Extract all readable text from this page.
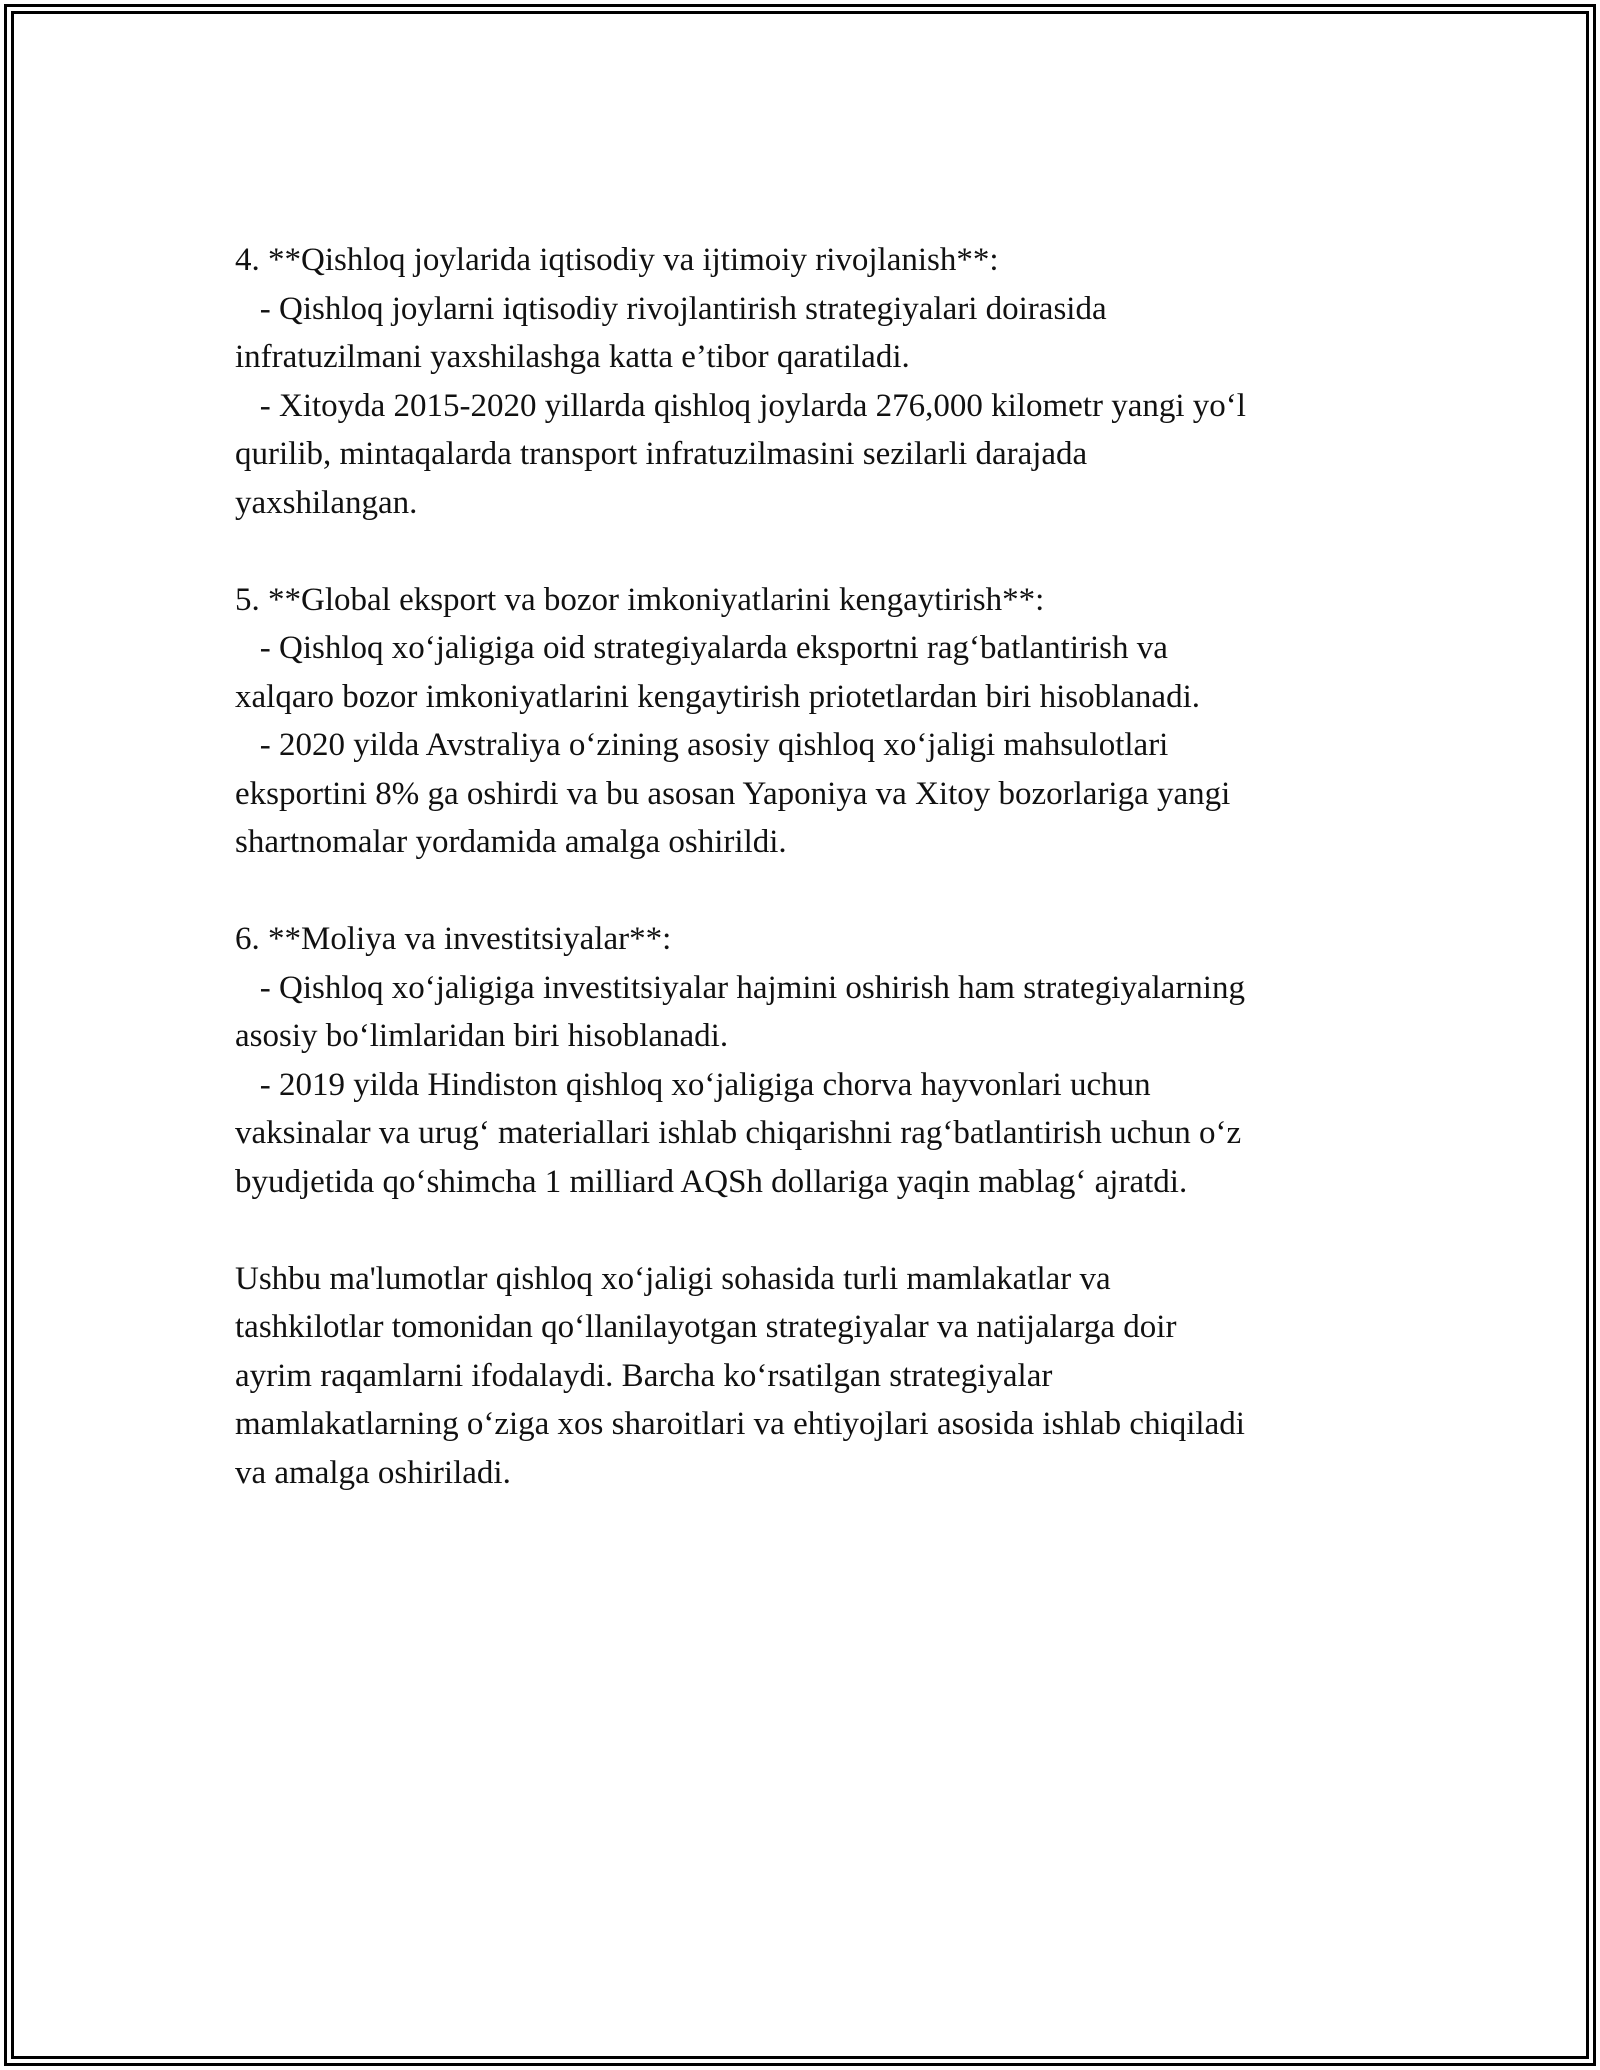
4. **Qishloq joylarida iqtisodiy va ijtimoiy rivojlanish**:
- Qishloq joylarni iqtisodiy rivojlantirish strategiyalari doirasida
infratuzilmani yaxshilashga katta e’tibor qaratiladi.
- Xitoyda 2015-2020 yillarda qishloq joylarda 276,000 kilometr yangi yo‘l
qurilib, mintaqalarda transport infratuzilmasini sezilarli darajada
yaxshilangan.
5. **Global eksport va bozor imkoniyatlarini kengaytirish**:
- Qishloq xo‘jaligiga oid strategiyalarda eksportni rag‘batlantirish va
xalqaro bozor imkoniyatlarini kengaytirish priotetlardan biri hisoblanadi.
- 2020 yilda Avstraliya o‘zining asosiy qishloq xo‘jaligi mahsulotlari
eksportini 8% ga oshirdi va bu asosan Yaponiya va Xitoy bozorlariga yangi
shartnomalar yordamida amalga oshirildi.
6. **Moliya va investitsiyalar**:
- Qishloq xo‘jaligiga investitsiyalar hajmini oshirish ham strategiyalarning
asosiy bo‘limlaridan biri hisoblanadi.
- 2019 yilda Hindiston qishloq xo‘jaligiga chorva hayvonlari uchun
vaksinalar va urug‘ materiallari ishlab chiqarishni rag‘batlantirish uchun o‘z
byudjetida qo‘shimcha 1 milliard AQSh dollariga yaqin mablag‘ ajratdi.
Ushbu ma'lumotlar qishloq xo‘jaligi sohasida turli mamlakatlar va
tashkilotlar tomonidan qo‘llanilayotgan strategiyalar va natijalarga doir
ayrim raqamlarni ifodalaydi. Barcha ko‘rsatilgan strategiyalar
mamlakatlarning o‘ziga xos sharoitlari va ehtiyojlari asosida ishlab chiqiladi
va amalga oshiriladi.
